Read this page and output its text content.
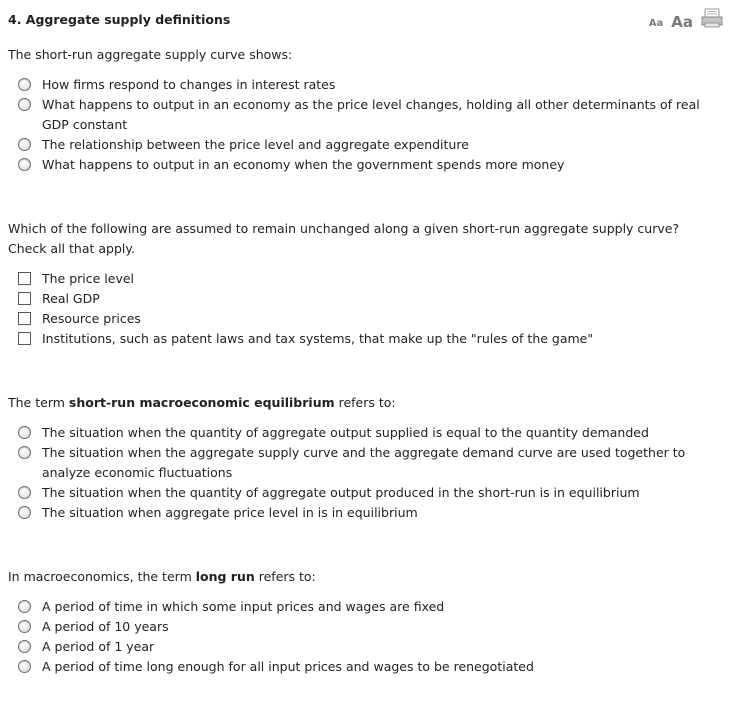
4. Aggregate supply definitions	Aa Aa

The short-run aggregate supply curve shows:

How firms respond to changes in interest rates
What happens to output in an economy as the price level changes, holding all other determinants of real GDP constant
The relationship between the price level and aggregate expenditure
What happens to output in an economy when the government spends more money

Which of the following are assumed to remain unchanged along a given short-run aggregate supply curve? Check all that apply.

The price level
Real GDP
Resource prices
Institutions, such as patent laws and tax systems, that make up the "rules of the game"

The term short-run macroeconomic equilibrium refers to:

The situation when the quantity of aggregate output supplied is equal to the quantity demanded
The situation when the aggregate supply curve and the aggregate demand curve are used together to analyze economic fluctuations
The situation when the quantity of aggregate output produced in the short-run is in equilibrium
The situation when aggregate price level in is in equilibrium

In macroeconomics, the term long run refers to:

A period of time in which some input prices and wages are fixed
A period of 10 years
A period of 1 year
A period of time long enough for all input prices and wages to be renegotiated
